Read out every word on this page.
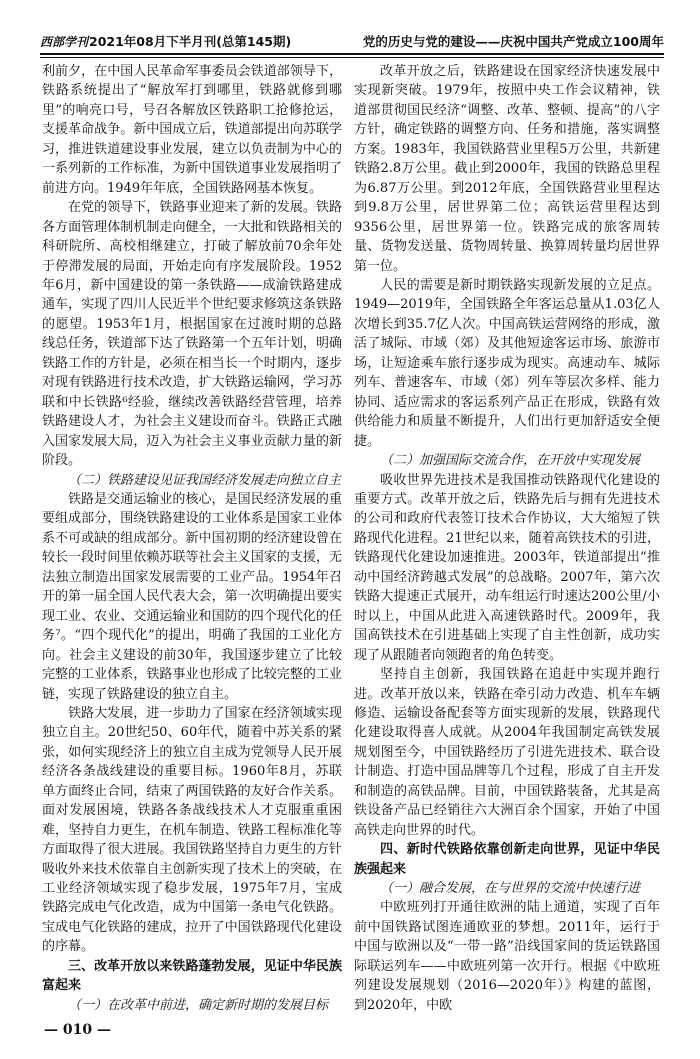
西部学刊2021年08月下半月刊(总第145期)	党的历史与党的建设——庆祝中国共产党成立100周年

利前夕，在中国人民革命军事委员会铁道部领导下，铁路系统提出了“解放军打到哪里，铁路就修到哪里”的响亮口号，号召各解放区铁路职工抢修抢运，支援革命战争。新中国成立后，铁道部提出向苏联学习，推进铁道建设事业发展，建立以负责制为中心的一系列新的工作标准，为新中国铁道事业发展指明了前进方向。1949年年底，全国铁路网基本恢复。

在党的领导下，铁路事业迎来了新的发展。铁路各方面管理体制机制走向健全，一大批和铁路相关的科研院所、高校相继建立，打破了解放前70余年处于停滞发展的局面，开始走向有序发展阶段。1952年6月，新中国建设的第一条铁路——成渝铁路建成通车，实现了四川人民近半个世纪要求修筑这条铁路的愿望。1953年1月，根据国家在过渡时期的总路线总任务，铁道部下达了铁路第一个五年计划，明确铁路工作的方针是，必须在相当长一个时期内，逐步对现有铁路进行技术改造，扩大铁路运输网，学习苏联和中长铁路⁶经验，继续改善铁路经营管理，培养铁路建设人才，为社会主义建设而奋斗。铁路正式融入国家发展大局，迈入为社会主义事业贡献力量的新阶段。

（二）铁路建设见证我国经济发展走向独立自主

铁路是交通运输业的核心，是国民经济发展的重要组成部分，围绕铁路建设的工业体系是国家工业体系不可或缺的组成部分。新中国初期的经济建设曾在较长一段时间里依赖苏联等社会主义国家的支援，无法独立制造出国家发展需要的工业产品。1954年召开的第一届全国人民代表大会，第一次明确提出要实现工业、农业、交通运输业和国防的四个现代化的任务⁷。“四个现代化”的提出，明确了我国的工业化方向。社会主义建设的前30年，我国逐步建立了比较完整的工业体系，铁路事业也形成了比较完整的工业链，实现了铁路建设的独立自主。

铁路大发展，进一步助力了国家在经济领域实现独立自主。20世纪50、60年代，随着中苏关系的紧张，如何实现经济上的独立自主成为党领导人民开展经济各条战线建设的重要目标。1960年8月，苏联单方面终止合同，结束了两国铁路的友好合作关系。面对发展困境，铁路各条战线技术人才克服重重困难，坚持自力更生，在机车制造、铁路工程标准化等方面取得了很大进展。我国铁路坚持自力更生的方针吸收外来技术依靠自主创新实现了技术上的突破，在工业经济领域实现了稳步发展，1975年7月，宝成铁路完成电气化改造，成为中国第一条电气化铁路。宝成电气化铁路的建成，拉开了中国铁路现代化建设的序幕。

三、改革开放以来铁路蓬勃发展，见证中华民族富起来

（一）在改革中前进，确定新时期的发展目标

— 010 —

改革开放之后，铁路建设在国家经济快速发展中实现新突破。1979年，按照中央工作会议精神，铁道部贯彻国民经济“调整、改革、整顿、提高”的八字方针，确定铁路的调整方向、任务和措施，落实调整方案。1983年，我国铁路营业里程5万公里，共新建铁路2.8万公里。截止到2000年，我国的铁路总里程为6.87万公里。到2012年底，全国铁路营业里程达到9.8万公里，居世界第二位；高铁运营里程达到9356公里，居世界第一位。铁路完成的旅客周转量、货物发送量、货物周转量、换算周转量均居世界第一位。

人民的需要是新时期铁路实现新发展的立足点。1949—2019年，全国铁路全年客运总量从1.03亿人次增长到35.7亿人次。中国高铁运营网络的形成，激活了城际、市域（郊）及其他短途客运市场、旅游市场，让短途乘车旅行逐步成为现实。高速动车、城际列车、普速客车、市域（郊）列车等层次多样、能力协同、适应需求的客运系列产品正在形成，铁路有效供给能力和质量不断提升，人们出行更加舒适安全便捷。

（二）加强国际交流合作，在开放中实现发展

吸收世界先进技术是我国推动铁路现代化建设的重要方式。改革开放之后，铁路先后与拥有先进技术的公司和政府代表签订技术合作协议，大大缩短了铁路现代化进程。21世纪以来，随着高铁技术的引进，铁路现代化建设加速推进。2003年，铁道部提出“推动中国经济跨越式发展”的总战略。2007年，第六次铁路大提速正式展开，动车组运行时速达200公里/小时以上，中国从此进入高速铁路时代。2009年，我国高铁技术在引进基础上实现了自主性创新，成功实现了从跟随者向领跑者的角色转变。

坚持自主创新，我国铁路在追赶中实现并跑行进。改革开放以来，铁路在牵引动力改造、机车车辆修造、运输设备配套等方面实现新的发展，铁路现代化建设取得喜人成就。从2004年我国制定高铁发展规划图至今，中国铁路经历了引进先进技术、联合设计制造、打造中国品牌等几个过程，形成了自主开发和制造的高铁品牌。目前，中国铁路装备，尤其是高铁设备产品已经销往六大洲百余个国家，开始了中国高铁走向世界的时代。

四、新时代铁路依靠创新走向世界，见证中华民族强起来

（一）融合发展，在与世界的交流中快速行进

中欧班列打开通往欧洲的陆上通道，实现了百年前中国铁路试图连通欧亚的梦想。2011年，运行于中国与欧洲以及“一带一路”沿线国家间的货运铁路国际联运列车——中欧班列第一次开行。根据《中欧班列建设发展规划（2016—2020年）》构建的蓝图，到2020年，中欧
